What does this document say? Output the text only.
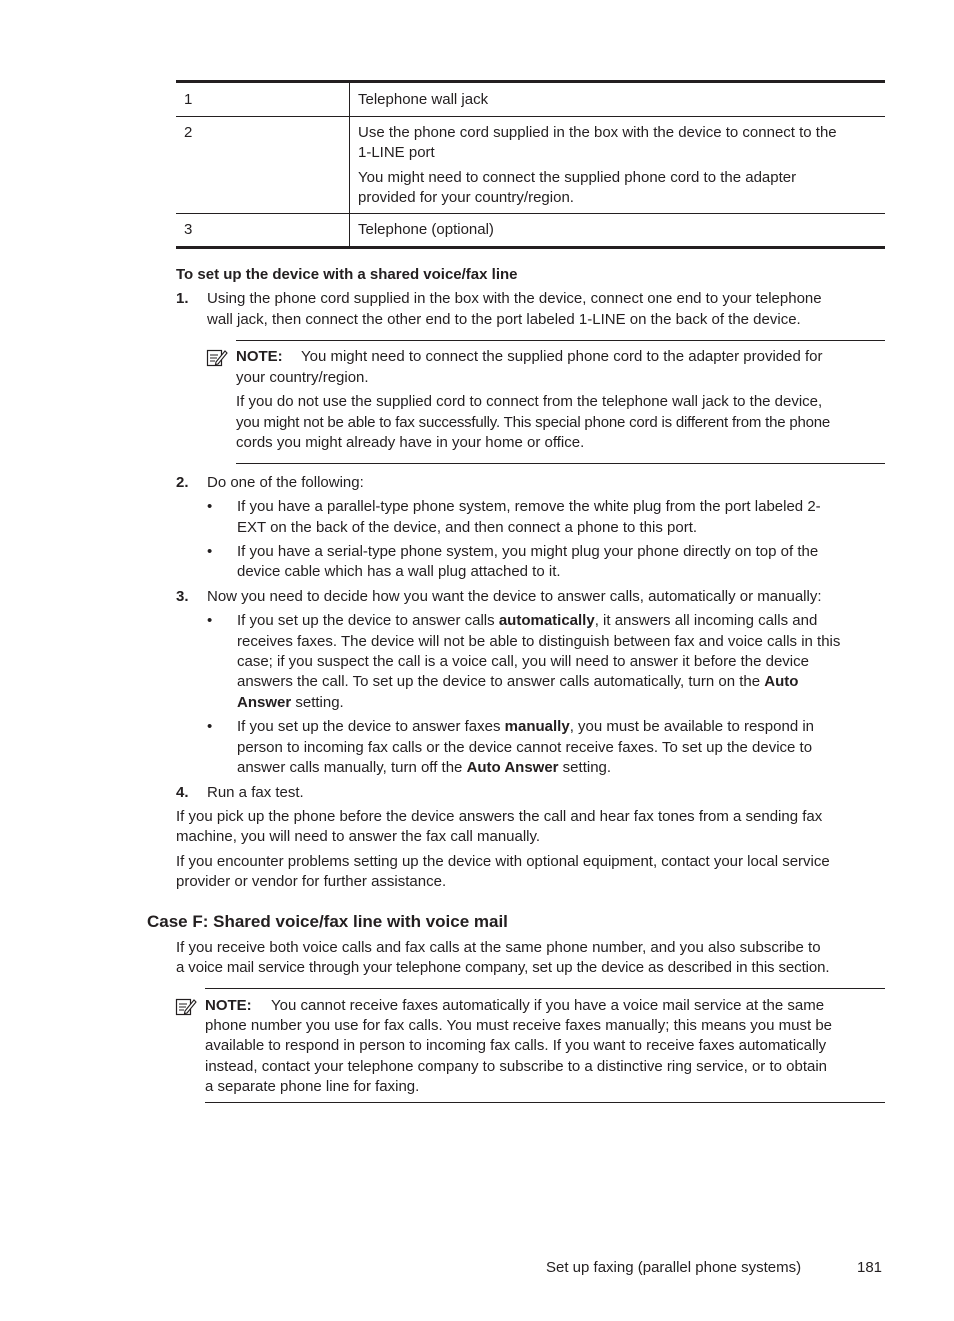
1	Telephone wall jack
2	Use the phone cord supplied in the box with the device to connect to the
1-LINE port
You might need to connect the supplied phone cord to the adapter
provided for your country/region.
3	Telephone (optional)
To set up the device with a shared voice/fax line
1. Using the phone cord supplied in the box with the device, connect one end to your telephone
wall jack, then connect the other end to the port labeled 1-LINE on the back of the device.
NOTE: You might need to connect the supplied phone cord to the adapter provided for
your country/region.
If you do not use the supplied cord to connect from the telephone wall jack to the device,
you might not be able to fax successfully. This special phone cord is different from the phone
cords you might already have in your home or office.
2. Do one of the following:
• If you have a parallel-type phone system, remove the white plug from the port labeled 2-
EXT on the back of the device, and then connect a phone to this port.
• If you have a serial-type phone system, you might plug your phone directly on top of the
device cable which has a wall plug attached to it.
3. Now you need to decide how you want the device to answer calls, automatically or manually:
• If you set up the device to answer calls automatically, it answers all incoming calls and
receives faxes. The device will not be able to distinguish between fax and voice calls in this
case; if you suspect the call is a voice call, you will need to answer it before the device
answers the call. To set up the device to answer calls automatically, turn on the Auto
Answer setting.
• If you set up the device to answer faxes manually, you must be available to respond in
person to incoming fax calls or the device cannot receive faxes. To set up the device to
answer calls manually, turn off the Auto Answer setting.
4. Run a fax test.
If you pick up the phone before the device answers the call and hear fax tones from a sending fax
machine, you will need to answer the fax call manually.
If you encounter problems setting up the device with optional equipment, contact your local service
provider or vendor for further assistance.
Case F: Shared voice/fax line with voice mail
If you receive both voice calls and fax calls at the same phone number, and you also subscribe to
a voice mail service through your telephone company, set up the device as described in this section.
NOTE: You cannot receive faxes automatically if you have a voice mail service at the same
phone number you use for fax calls. You must receive faxes manually; this means you must be
available to respond in person to incoming fax calls. If you want to receive faxes automatically
instead, contact your telephone company to subscribe to a distinctive ring service, or to obtain
a separate phone line for faxing.
Set up faxing (parallel phone systems)	181
